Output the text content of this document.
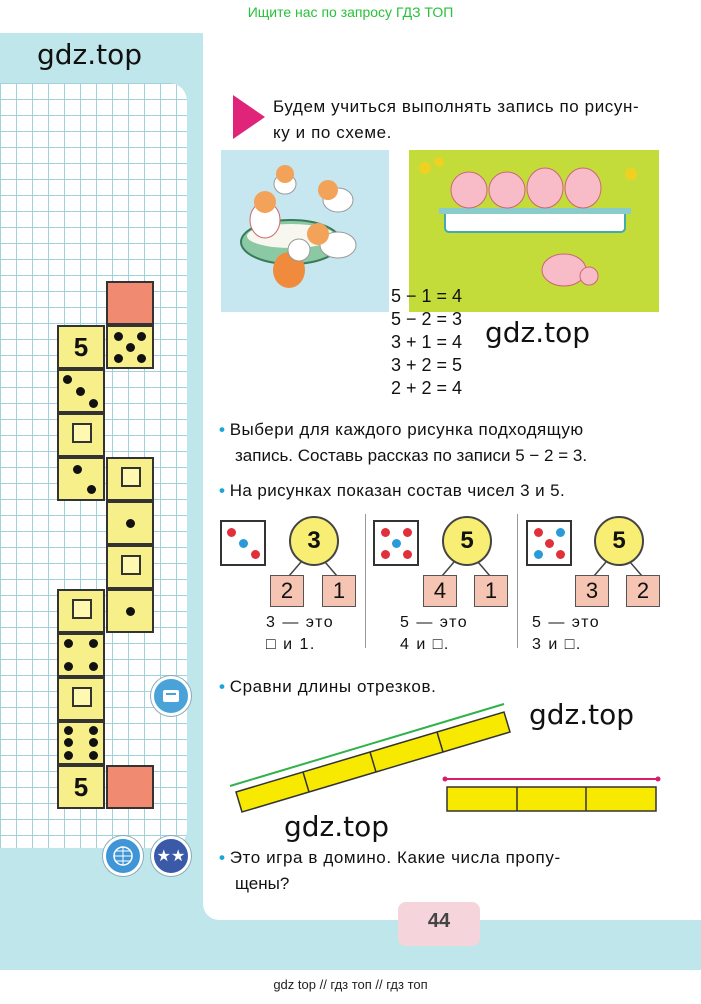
Ищите нас по запросу ГДЗ ТОП
gdz.top
5
5
★★
Будем учиться выполнять запись по рисун-
ку и по схеме.
gdz.top
5 − 1 = 4
5 − 2 = 3
3 + 1 = 4
3 + 2 = 5
2 + 2 = 4
• Выбери для каждого рисунка подходящую
запись. Составь рассказ по записи 5 − 2 = 3.
• На рисунках показан состав чисел 3 и 5.
3
2	1
3 — это
□ и 1.
5
4	1
5 — это
4 и □.
5
3	2
5 — это
3 и □.
• Сравни длины отрезков.
gdz.top
gdz.top
• Это игра в домино. Какие числа пропу-
щены?
44
gdz top // гдз топ // гдз топ
